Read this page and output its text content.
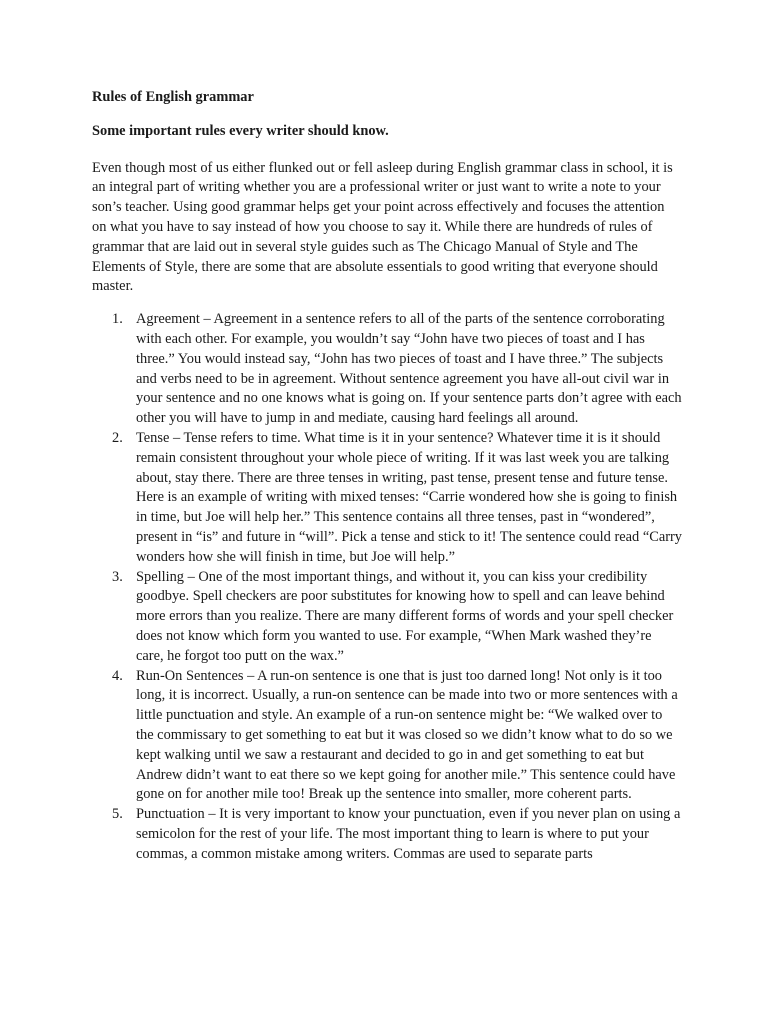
Rules of English grammar

Some important rules every writer should know.

Even though most of us either flunked out or fell asleep during English grammar class in school, it is an integral part of writing whether you are a professional writer or just want to write a note to your son’s teacher. Using good grammar helps get your point across effectively and focuses the attention on what you have to say instead of how you choose to say it. While there are hundreds of rules of grammar that are laid out in several style guides such as The Chicago Manual of Style and The Elements of Style, there are some that are absolute essentials to good writing that everyone should master.

1. Agreement – Agreement in a sentence refers to all of the parts of the sentence corroborating with each other. For example, you wouldn’t say “John have two pieces of toast and I has three.” You would instead say, “John has two pieces of toast and I have three.” The subjects and verbs need to be in agreement. Without sentence agreement you have all-out civil war in your sentence and no one knows what is going on. If your sentence parts don’t agree with each other you will have to jump in and mediate, causing hard feelings all around.
2. Tense – Tense refers to time. What time is it in your sentence? Whatever time it is it should remain consistent throughout your whole piece of writing. If it was last week you are talking about, stay there. There are three tenses in writing, past tense, present tense and future tense. Here is an example of writing with mixed tenses: “Carrie wondered how she is going to finish in time, but Joe will help her.” This sentence contains all three tenses, past in “wondered”, present in “is” and future in “will”. Pick a tense and stick to it! The sentence could read “Carry wonders how she will finish in time, but Joe will help.”
3. Spelling – One of the most important things, and without it, you can kiss your credibility goodbye. Spell checkers are poor substitutes for knowing how to spell and can leave behind more errors than you realize. There are many different forms of words and your spell checker does not know which form you wanted to use. For example, “When Mark washed they’re care, he forgot too putt on the wax.”
4. Run-On Sentences – A run-on sentence is one that is just too darned long! Not only is it too long, it is incorrect. Usually, a run-on sentence can be made into two or more sentences with a little punctuation and style. An example of a run-on sentence might be: “We walked over to the commissary to get something to eat but it was closed so we didn’t know what to do so we kept walking until we saw a restaurant and decided to go in and get something to eat but Andrew didn’t want to eat there so we kept going for another mile.” This sentence could have gone on for another mile too! Break up the sentence into smaller, more coherent parts.
5. Punctuation – It is very important to know your punctuation, even if you never plan on using a semicolon for the rest of your life. The most important thing to learn is where to put your commas, a common mistake among writers. Commas are used to separate parts
